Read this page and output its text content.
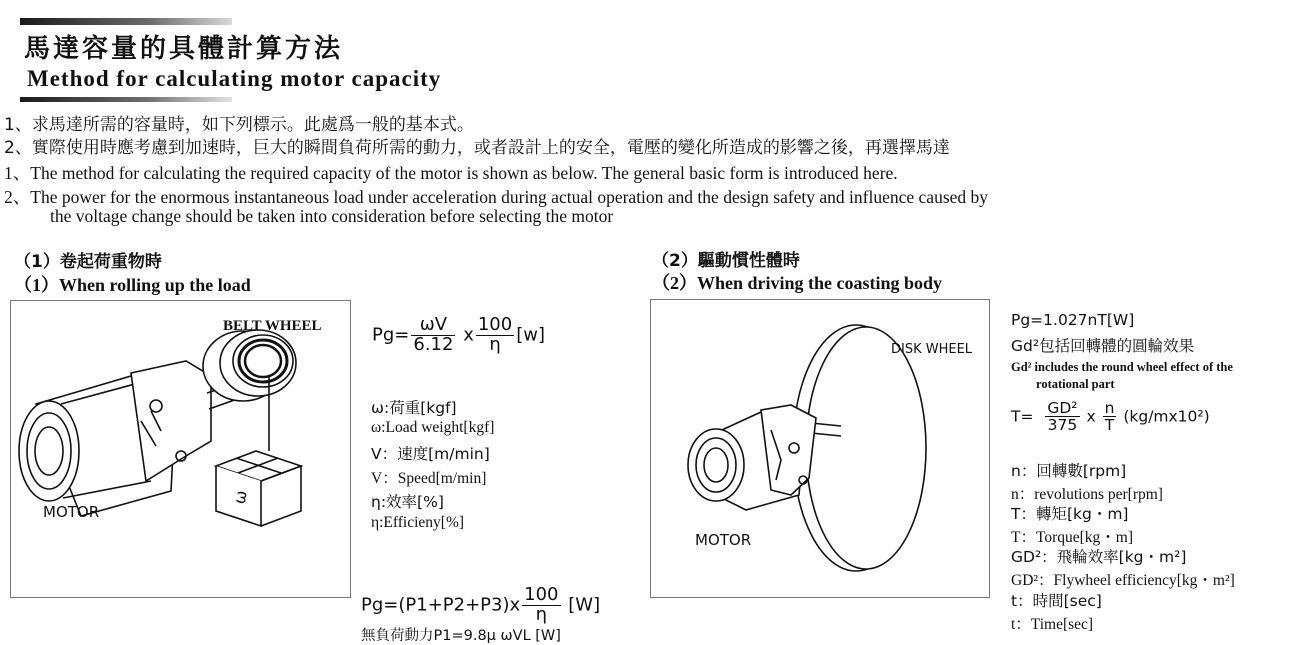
馬達容量的具體計算方法
Method for calculating motor capacity
1、求馬達所需的容量時，如下列標示。此處爲一般的基本式。
2、實際使用時應考慮到加速時，巨大的瞬間負荷所需的動力，或者設計上的安全，電壓的變化所造成的影響之後，再選擇馬達
1、The method for calculating the required capacity of the motor is shown as below. The general basic form is introduced here.
2、The power for the enormous instantaneous load under acceleration during actual operation and the design safety and influence caused by
the voltage change should be taken into consideration before selecting the motor
（1）卷起荷重物時
（1）When rolling up the load
BELT WHEEL
MOTOR
ω
$Pg= \frac{\omega V}{6.12}$ x $\frac{100}{\eta} [w]$
ω:荷重[kgf]
ω:Load weight[kgf]
V：速度[m/min]
V：Speed[m/min]
η:效率[%]
η:Efficieny[%]
$Pg=(P1+P2+P3)x \frac{100}{\eta} [W]$
無負荷動力P1=9.8μ ωVL [W]
（2）驅動慣性體時
（2）When driving the coasting body
DISK WHEEL
MOTOR
Pg=1.027nT[W]
Gd²包括回轉體的圓輪效果
Gd² includes the round wheel effect of the
rotational part
$T= \frac{\text{GD²}}{375}$ x $\frac{n}{T} (kg/mx10^2)$
n：回轉數[rpm]
n：revolutions per[rpm]
T：轉矩[kg・m]
T：Torque[kg・m]
GD²：飛輪效率[kg・m²]
GD²：Flywheel efficiency[kg・m²]
t：時間[sec]
t：Time[sec]
